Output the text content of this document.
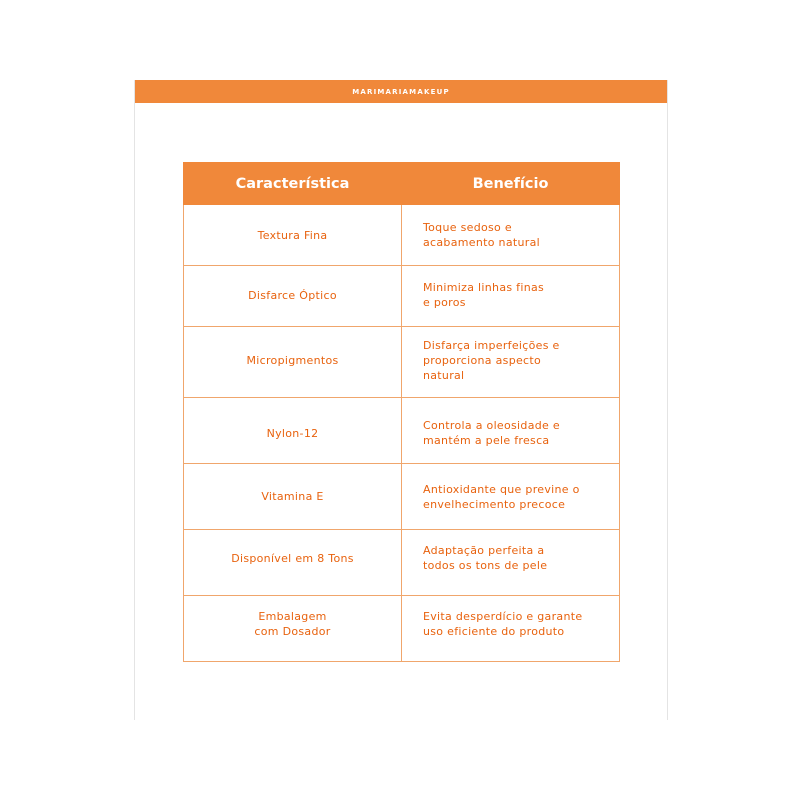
MARIMARIAMAKEUP
Característica	Benefício

Textura Fina	Toque sedoso e
acabamento natural

Disfarce Óptico	Minimiza linhas finas
e poros

Micropigmentos	Disfarça imperfeições e
proporciona aspecto
natural

Nylon-12	Controla a oleosidade e
mantém a pele fresca

Vitamina E	Antioxidante que previne o
envelhecimento precoce

Disponível em 8 Tons	Adaptação perfeita a
todos os tons de pele

Embalagem
com Dosador	Evita desperdício e garante
uso eficiente do produto
